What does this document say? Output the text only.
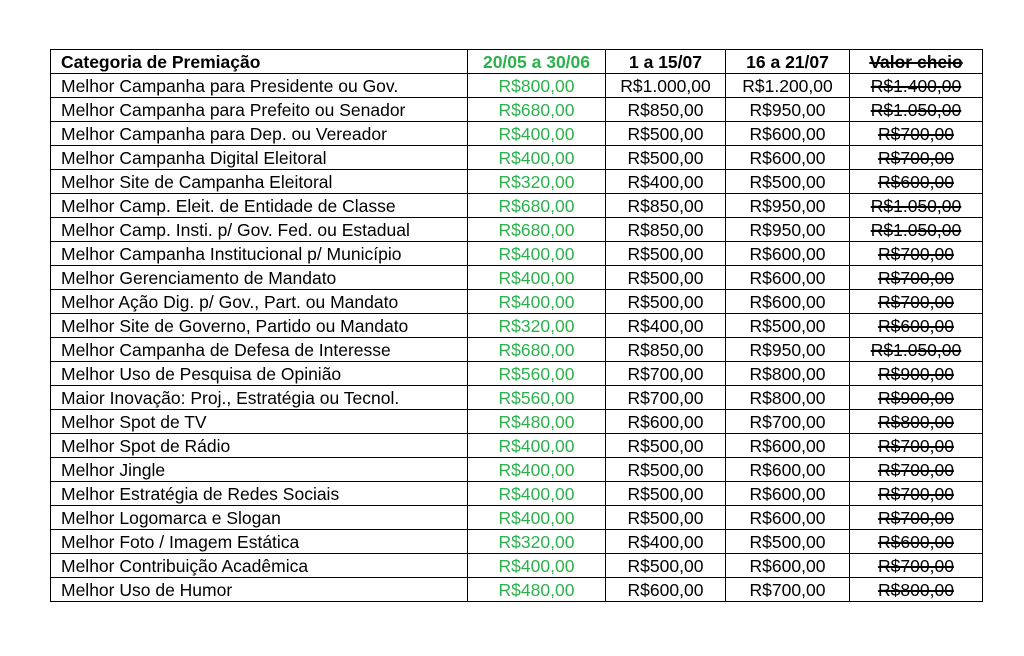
Categoria de Premiação	20/05 a 30/06	1 a 15/07	16 a 21/07	Valor cheio
Melhor Campanha para Presidente ou Gov.	R$800,00	R$1.000,00	R$1.200,00	R$1.400,00
Melhor Campanha para Prefeito ou Senador	R$680,00	R$850,00	R$950,00	R$1.050,00
Melhor Campanha para Dep. ou Vereador	R$400,00	R$500,00	R$600,00	R$700,00
Melhor Campanha Digital Eleitoral	R$400,00	R$500,00	R$600,00	R$700,00
Melhor Site de Campanha Eleitoral	R$320,00	R$400,00	R$500,00	R$600,00
Melhor Camp. Eleit. de Entidade de Classe	R$680,00	R$850,00	R$950,00	R$1.050,00
Melhor Camp. Insti. p/ Gov. Fed. ou Estadual	R$680,00	R$850,00	R$950,00	R$1.050,00
Melhor Campanha Institucional p/ Município	R$400,00	R$500,00	R$600,00	R$700,00
Melhor Gerenciamento de Mandato	R$400,00	R$500,00	R$600,00	R$700,00
Melhor Ação Dig. p/ Gov., Part. ou Mandato	R$400,00	R$500,00	R$600,00	R$700,00
Melhor Site de Governo, Partido ou Mandato	R$320,00	R$400,00	R$500,00	R$600,00
Melhor Campanha de Defesa de Interesse	R$680,00	R$850,00	R$950,00	R$1.050,00
Melhor Uso de Pesquisa de Opinião	R$560,00	R$700,00	R$800,00	R$900,00
Maior Inovação: Proj., Estratégia ou Tecnol.	R$560,00	R$700,00	R$800,00	R$900,00
Melhor Spot de TV	R$480,00	R$600,00	R$700,00	R$800,00
Melhor Spot de Rádio	R$400,00	R$500,00	R$600,00	R$700,00
Melhor Jingle	R$400,00	R$500,00	R$600,00	R$700,00
Melhor Estratégia de Redes Sociais	R$400,00	R$500,00	R$600,00	R$700,00
Melhor Logomarca e Slogan	R$400,00	R$500,00	R$600,00	R$700,00
Melhor Foto / Imagem Estática	R$320,00	R$400,00	R$500,00	R$600,00
Melhor Contribuição Acadêmica	R$400,00	R$500,00	R$600,00	R$700,00
Melhor Uso de Humor	R$480,00	R$600,00	R$700,00	R$800,00
